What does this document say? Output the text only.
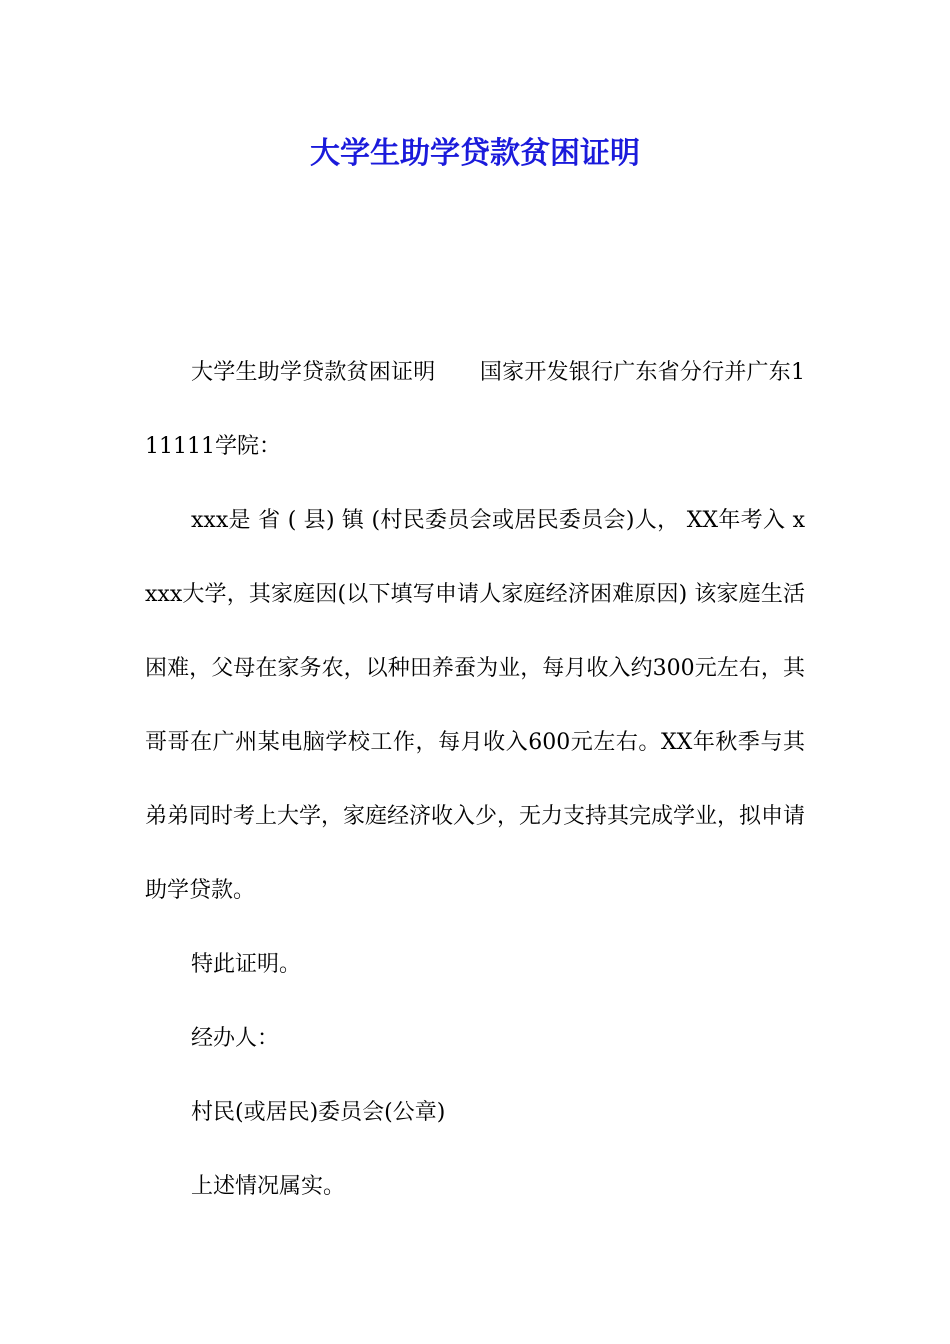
大学生助学贷款贫困证明

大学生助学贷款贫困证明　　国家开发银行广东省分行并广东111111学院：

xxx是 省 ( 县) 镇 (村民委员会或居民委员会)人， XX年考入 xxxx大学，其家庭因(以下填写申请人家庭经济困难原因) 该家庭生活困难，父母在家务农，以种田养蚕为业，每月收入约300元左右，其哥哥在广州某电脑学校工作，每月收入600元左右。XX年秋季与其弟弟同时考上大学，家庭经济收入少，无力支持其完成学业，拟申请助学贷款。

特此证明。

经办人：

村民(或居民)委员会(公章)

上述情况属实。
